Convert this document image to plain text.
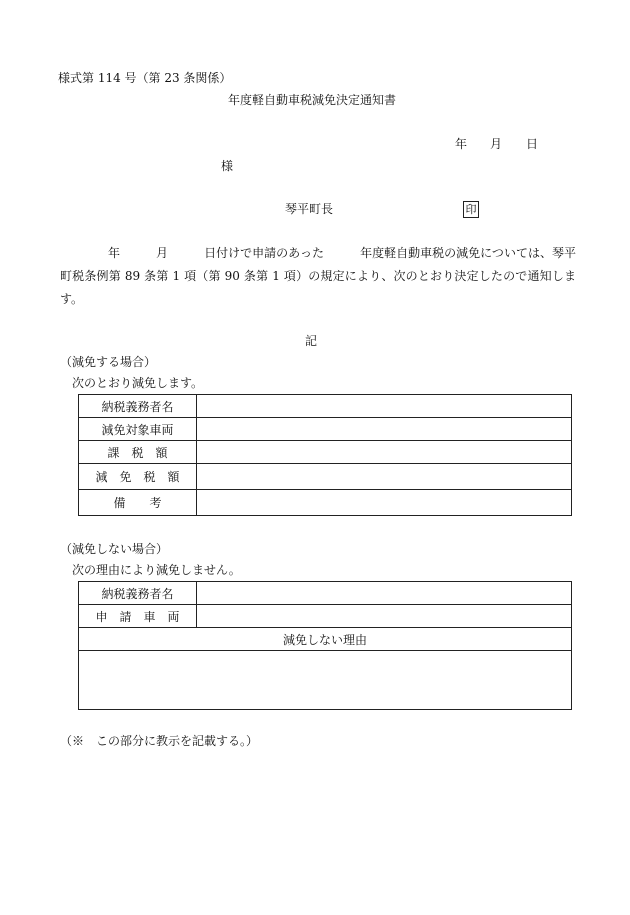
様式第 114 号（第 23 条関係）
年度軽自動車税減免決定通知書
年 月 日
様
琴平町長	印
年	月	日付けで申請のあった	年度軽自動車税の減免については、琴平町税条例第 89 条第 1 項（第 90 条第 1 項）の規定により、次のとおり決定したので通知します。
記
（減免する場合）
次のとおり減免します。
納税義務者名	
減免対象車両	
課　税　額	
減　免　税　額	
備　　考	
（減免しない場合）
次の理由により減免しません。
納税義務者名	
申　請　車　両	
減免しない理由	

（※　この部分に教示を記載する。）
